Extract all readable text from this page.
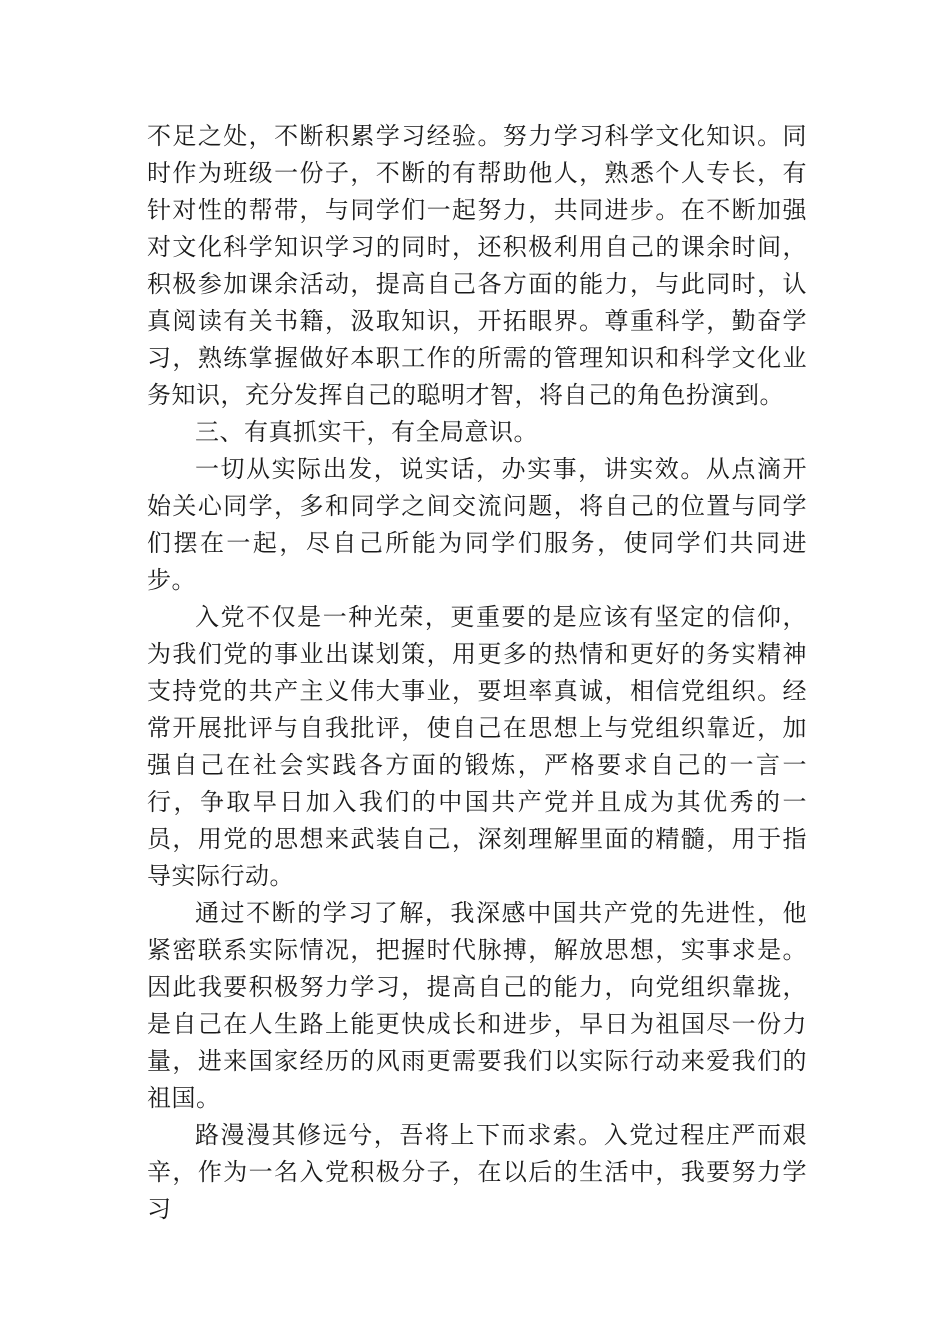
不足之处，不断积累学习经验。努力学习科学文化知识。同时作为班级一份子，不断的有帮助他人，熟悉个人专长，有针对性的帮带，与同学们一起努力，共同进步。在不断加强对文化科学知识学习的同时，还积极利用自己的课余时间，积极参加课余活动，提高自己各方面的能力，与此同时，认真阅读有关书籍，汲取知识，开拓眼界。尊重科学，勤奋学习，熟练掌握做好本职工作的所需的管理知识和科学文化业务知识，充分发挥自己的聪明才智，将自己的角色扮演到。

三、有真抓实干，有全局意识。

一切从实际出发，说实话，办实事，讲实效。从点滴开始关心同学，多和同学之间交流问题，将自己的位置与同学们摆在一起，尽自己所能为同学们服务，使同学们共同进步。

入党不仅是一种光荣，更重要的是应该有坚定的信仰，为我们党的事业出谋划策，用更多的热情和更好的务实精神支持党的共产主义伟大事业，要坦率真诚，相信党组织。经常开展批评与自我批评，使自己在思想上与党组织靠近，加强自己在社会实践各方面的锻炼，严格要求自己的一言一行，争取早日加入我们的中国共产党并且成为其优秀的一员，用党的思想来武装自己，深刻理解里面的精髓，用于指导实际行动。

通过不断的学习了解，我深感中国共产党的先进性，他紧密联系实际情况，把握时代脉搏，解放思想，实事求是。因此我要积极努力学习，提高自己的能力，向党组织靠拢，是自己在人生路上能更快成长和进步，早日为祖国尽一份力量，进来国家经历的风雨更需要我们以实际行动来爱我们的祖国。

路漫漫其修远兮，吾将上下而求索。入党过程庄严而艰辛，作为一名入党积极分子，在以后的生活中，我要努力学习
